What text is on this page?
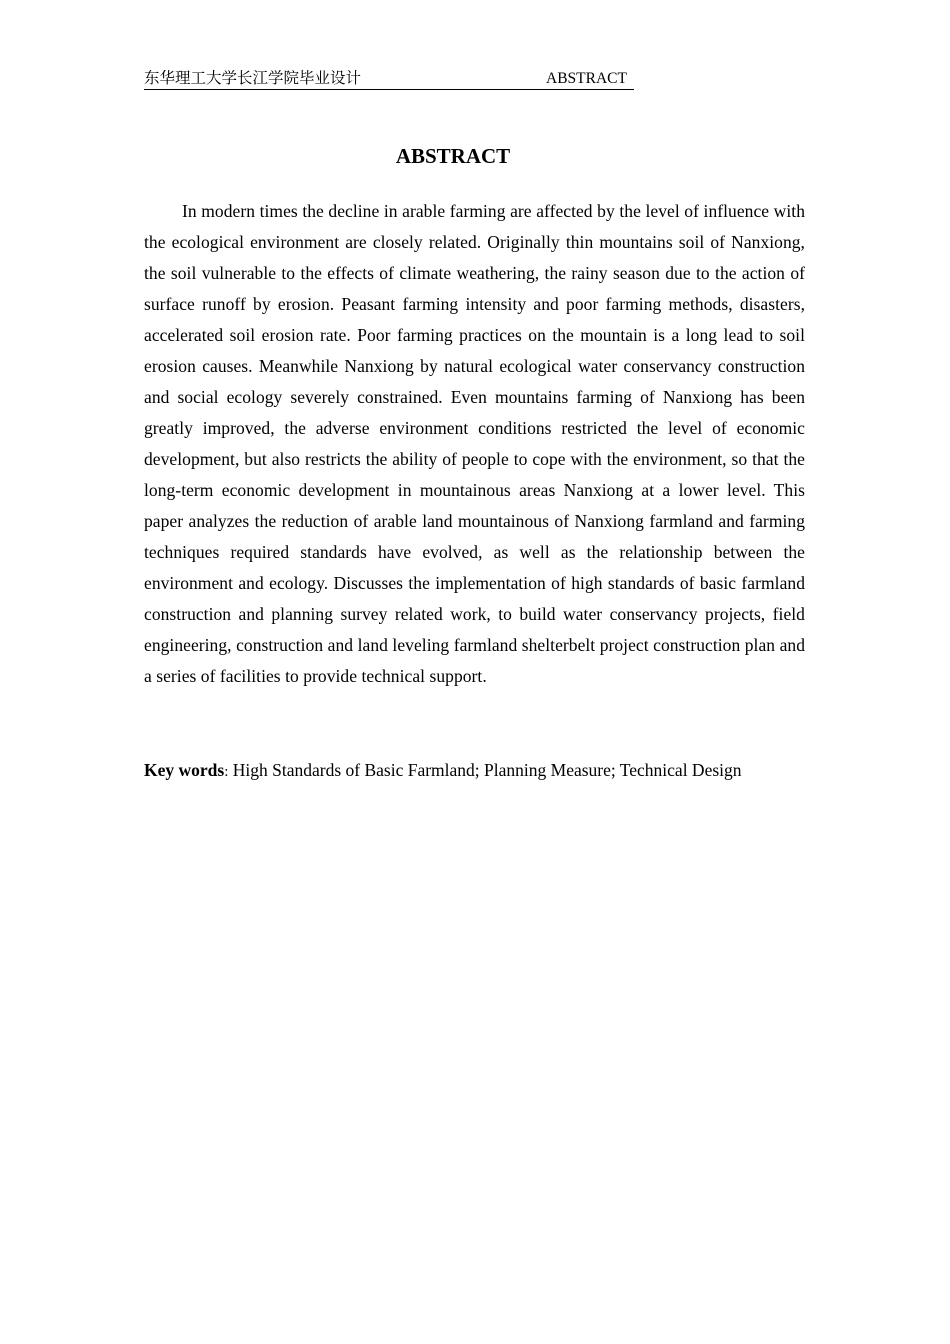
东华理工大学长江学院毕业设计	ABSTRACT
ABSTRACT

In modern times the decline in arable farming are affected by the level of influence with the ecological environment are closely related. Originally thin mountains soil of Nanxiong, the soil vulnerable to the effects of climate weathering, the rainy season due to the action of surface runoff by erosion. Peasant farming intensity and poor farming methods, disasters, accelerated soil erosion rate. Poor farming practices on the mountain is a long lead to soil erosion causes. Meanwhile Nanxiong by natural ecological water conservancy construction and social ecology severely constrained. Even mountains farming of Nanxiong has been greatly improved, the adverse environment conditions restricted the level of economic development, but also restricts the ability of people to cope with the environment, so that the long-term economic development in mountainous areas Nanxiong at a lower level. This paper analyzes the reduction of arable land mountainous of Nanxiong farmland and farming techniques required standards have evolved, as well as the relationship between the environment and ecology. Discusses the implementation of high standards of basic farmland construction and planning survey related work, to build water conservancy projects, field engineering, construction and land leveling farmland shelterbelt project construction plan and a series of facilities to provide technical support.

Key words: High Standards of Basic Farmland; Planning Measure; Technical Design
